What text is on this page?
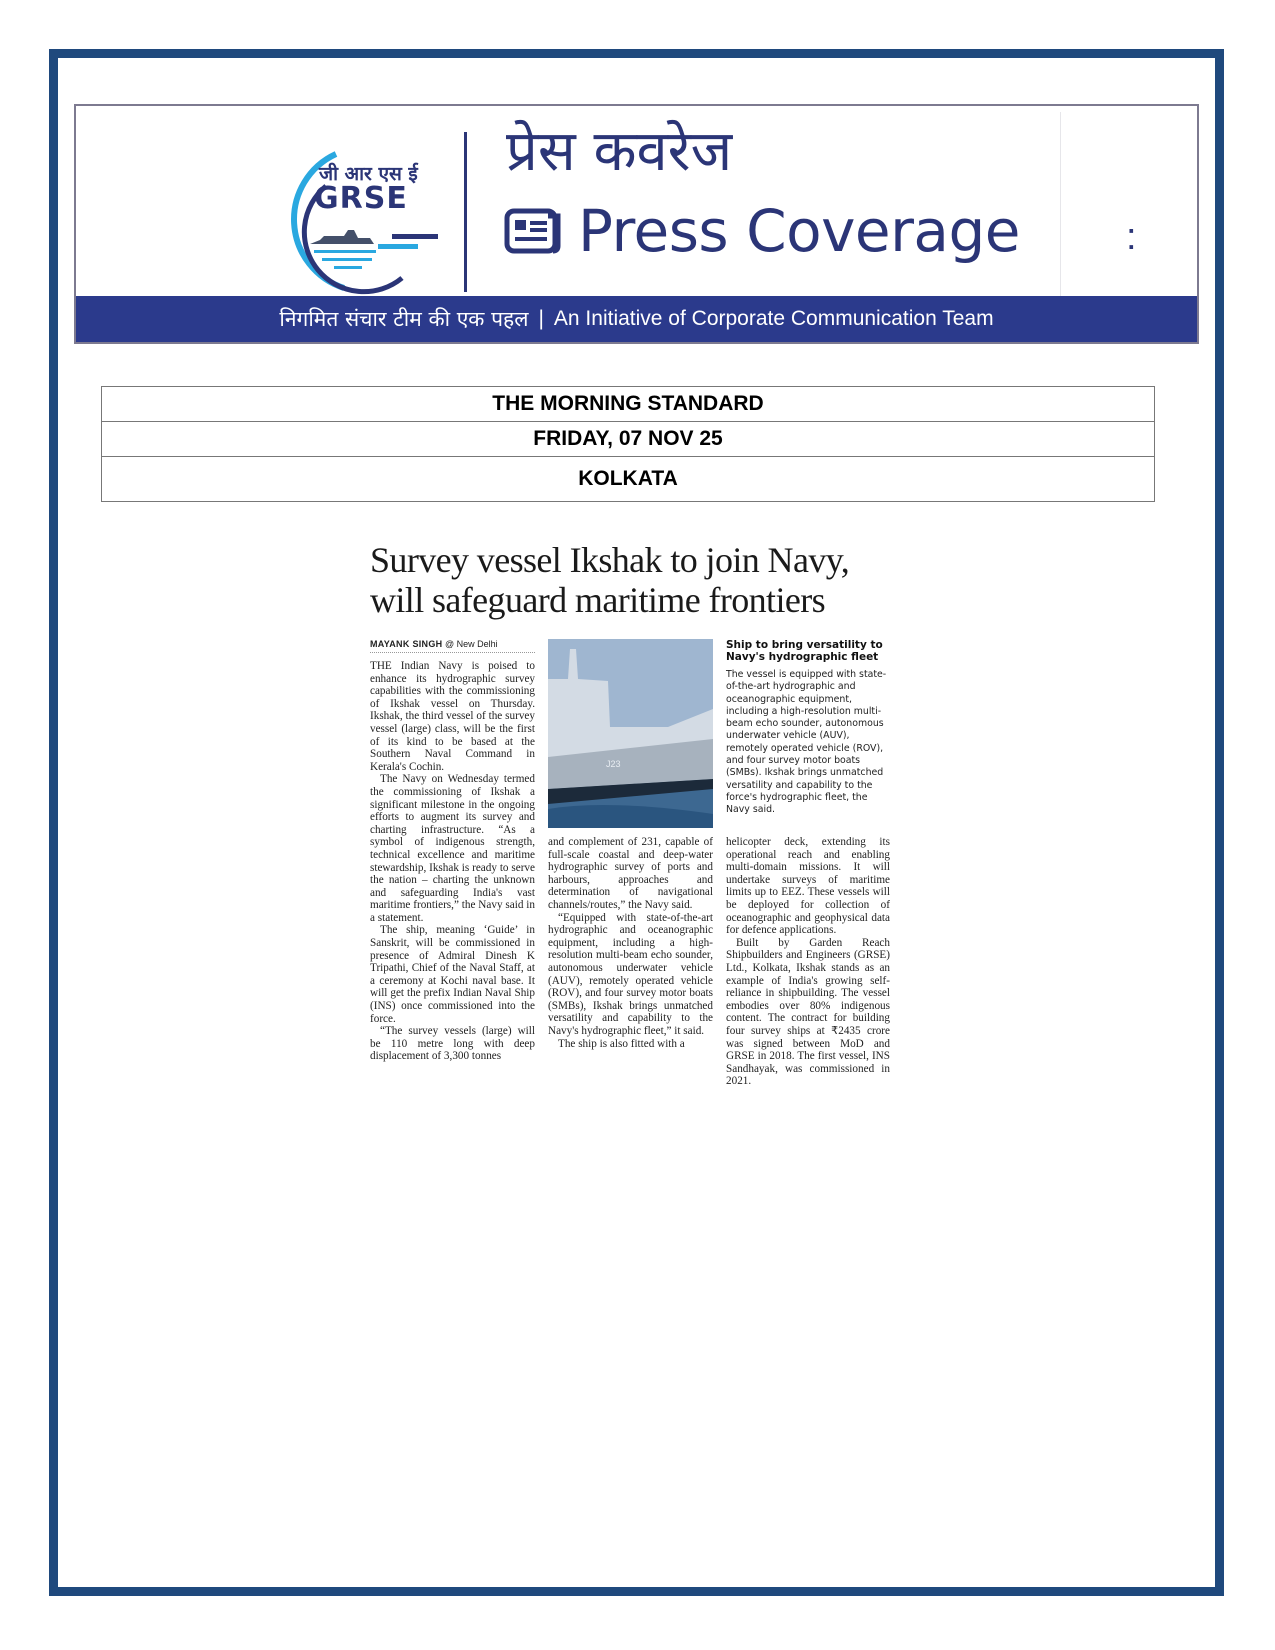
जी आर एस ई
GRSE
प्रेस कवरेज
Press Coverage	:
निगमित संचार टीम की एक पहल | An Initiative of Corporate Communication Team
THE MORNING STANDARD
FRIDAY, 07 NOV 25
KOLKATA
Survey vessel Ikshak to join Navy,
will safeguard maritime frontiers
MAYANK SINGH @ New Delhi

THE Indian Navy is poised to enhance its hydrographic survey capabilities with the commissioning of Ikshak vessel on Thursday. Ikshak, the third vessel of the survey vessel (large) class, will be the first of its kind to be based at the Southern Naval Command in Kerala's Cochin.

The Navy on Wednesday termed the commissioning of Ikshak a significant milestone in the ongoing efforts to augment its survey and charting infrastructure. “As a symbol of indigenous strength, technical excellence and maritime stewardship, Ikshak is ready to serve the nation – charting the unknown and safeguarding India's vast maritime frontiers,” the Navy said in a statement.

The ship, meaning ‘Guide’ in Sanskrit, will be commissioned in presence of Admiral Dinesh K Tripathi, Chief of the Naval Staff, at a ceremony at Kochi naval base. It will get the prefix Indian Naval Ship (INS) once commissioned into the force.

“The survey vessels (large) will be 110 metre long with deep displacement of 3,300 tonnes

J23
Ship to bring versatility to Navy's hydrographic fleet
The vessel is equipped with state-of-the-art hydrographic and oceanographic equipment, including a high-resolution multi-beam echo sounder, autonomous underwater vehicle (AUV), remotely operated vehicle (ROV), and four survey motor boats (SMBs). Ikshak brings unmatched versatility and capability to the force's hydrographic fleet, the Navy said.

and complement of 231, capable of full-scale coastal and deep-water hydrographic survey of ports and harbours, approaches and determination of navigational channels/routes,” the Navy said.

“Equipped with state-of-the-art hydrographic and oceanographic equipment, including a high-resolution multi-beam echo sounder, autonomous underwater vehicle (AUV), remotely operated vehicle (ROV), and four survey motor boats (SMBs), Ikshak brings unmatched versatility and capability to the Navy's hydrographic fleet,” it said.

The ship is also fitted with a

helicopter deck, extending its operational reach and enabling multi-domain missions. It will undertake surveys of maritime limits up to EEZ. These vessels will be deployed for collection of oceanographic and geophysical data for defence applications.

Built by Garden Reach Shipbuilders and Engineers (GRSE) Ltd., Kolkata, Ikshak stands as an example of India's growing self-reliance in shipbuilding. The vessel embodies over 80% indigenous content. The contract for building four survey ships at ₹2435 crore was signed between MoD and GRSE in 2018. The first vessel, INS Sandhayak, was commissioned in 2021.
